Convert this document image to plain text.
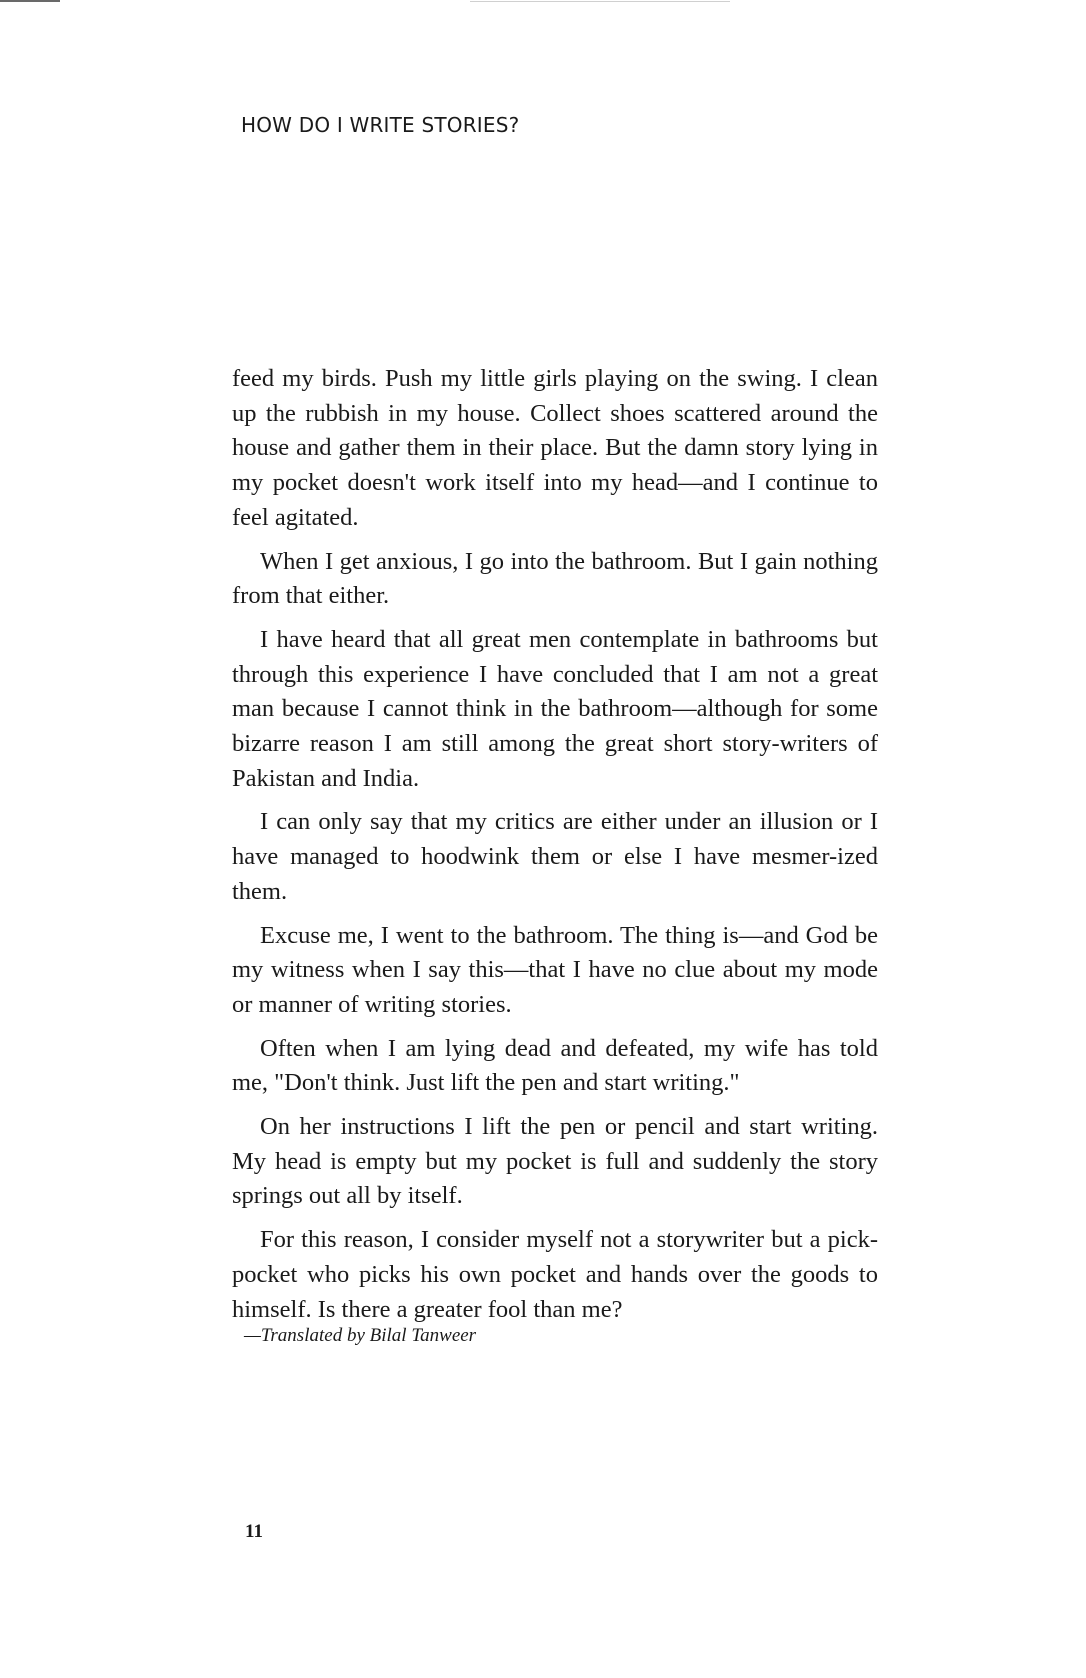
HOW DO I WRITE STORIES?

feed my birds. Push my little girls playing on the swing. I clean up the rubbish in my house. Collect shoes scattered around the house and gather them in their place. But the damn story lying in my pocket doesn't work itself into my head—and I continue to feel agitated.

When I get anxious, I go into the bathroom. But I gain nothing from that either.

I have heard that all great men contemplate in bathrooms but through this experience I have concluded that I am not a great man because I cannot think in the bathroom—although for some bizarre reason I am still among the great short story-writers of Pakistan and India.

I can only say that my critics are either under an illusion or I have managed to hoodwink them or else I have mesmer-ized them.

Excuse me, I went to the bathroom. The thing is—and God be my witness when I say this—that I have no clue about my mode or manner of writing stories.

Often when I am lying dead and defeated, my wife has told me, "Don't think. Just lift the pen and start writing."

On her instructions I lift the pen or pencil and start writing. My head is empty but my pocket is full and suddenly the story springs out all by itself.

For this reason, I consider myself not a storywriter but a pick-pocket who picks his own pocket and hands over the goods to himself. Is there a greater fool than me?

—Translated by Bilal Tanweer
11
